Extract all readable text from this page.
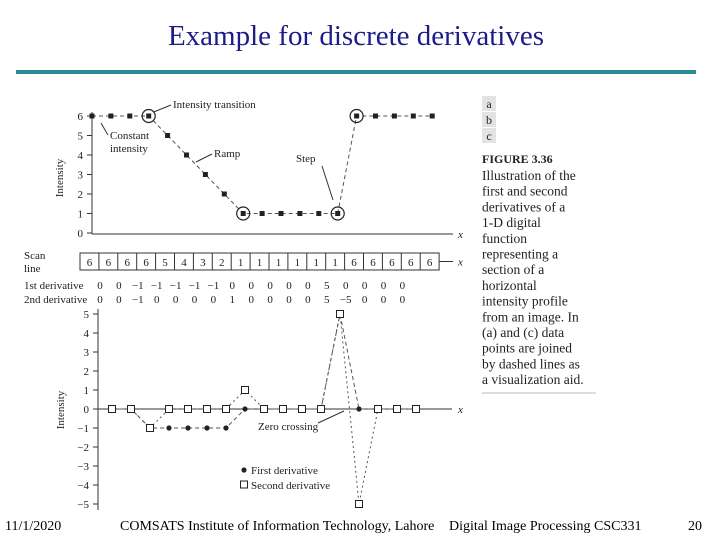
Example for discrete derivatives
x
0
1
2
3
4
5
6
Intensity
Intensity transition
Constant
intensity	Ramp	Step
x
6 6 6 6 5 4 3 2 1 1 1 1 1 1 6 6 6 6 6
Scan
line
1st derivative 0 0 −1 −1 −1 −1 −1 0 0 0 0 0 5 0 0 0 0
2nd derivative 0 0 −1 0 0 0 0 1 0 0 0 0 5 −5 0 0 0
x
−5
−4
−3
−2
−1
0
1
2
3
4
5
Intensity	Zero crossing
First derivative
Second derivative
a
b
c
FIGURE 3.36
Illustration of the
first and second
derivatives of a
1-D digital
function
representing a
section of a
horizontal
intensity profile
from an image. In
(a) and (c) data
points are joined
by dashed lines as
a visualization aid.
11/1/2020	COMSATS Institute of Information Technology, Lahore Digital Image Processing CSC331	20
